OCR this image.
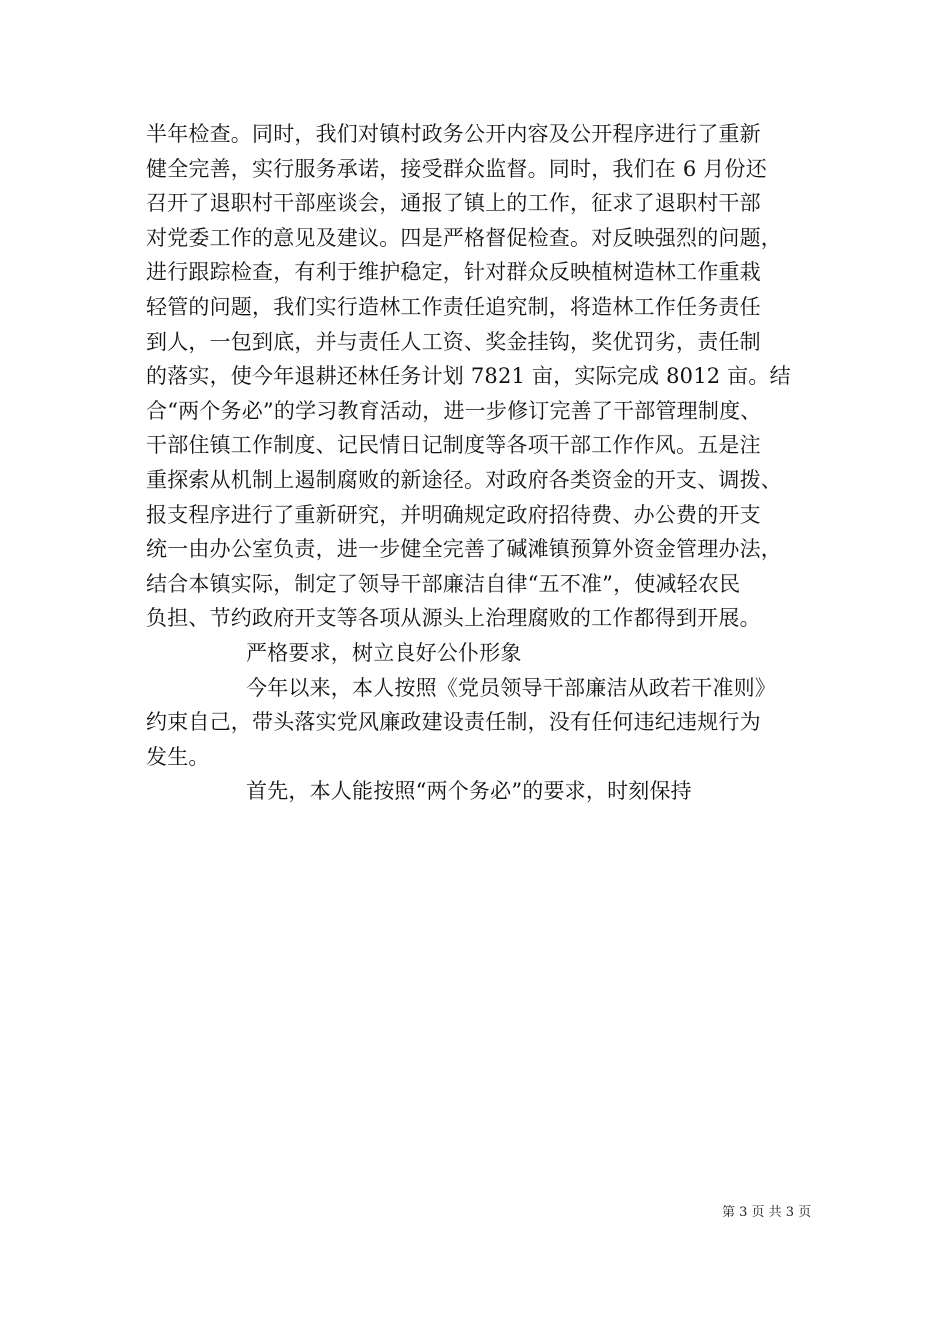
半年检查。同时，我们对镇村政务公开内容及公开程序进行了重新
健全完善，实行服务承诺，接受群众监督。同时，我们在 6 月份还
召开了退职村干部座谈会，通报了镇上的工作，征求了退职村干部
对党委工作的意见及建议。四是严格督促检查。对反映强烈的问题，
进行跟踪检查，有利于维护稳定，针对群众反映植树造林工作重栽
轻管的问题，我们实行造林工作责任追究制，将造林工作任务责任
到人，一包到底，并与责任人工资、奖金挂钩，奖优罚劣，责任制
的落实，使今年退耕还林任务计划 7821 亩，实际完成 8012 亩。结
合“两个务必”的学习教育活动，进一步修订完善了干部管理制度、
干部住镇工作制度、记民情日记制度等各项干部工作作风。五是注
重探索从机制上遏制腐败的新途径。对政府各类资金的开支、调拨、
报支程序进行了重新研究，并明确规定政府招待费、办公费的开支
统一由办公室负责，进一步健全完善了碱滩镇预算外资金管理办法，
结合本镇实际，制定了领导干部廉洁自律“五不准”，使减轻农民
负担、节约政府开支等各项从源头上治理腐败的工作都得到开展。
严格要求，树立良好公仆形象
今年以来，本人按照《党员领导干部廉洁从政若干准则》
约束自己，带头落实党风廉政建设责任制，没有任何违纪违规行为
发生。
首先，本人能按照“两个务必”的要求，时刻保持
第 3 页 共 3 页
